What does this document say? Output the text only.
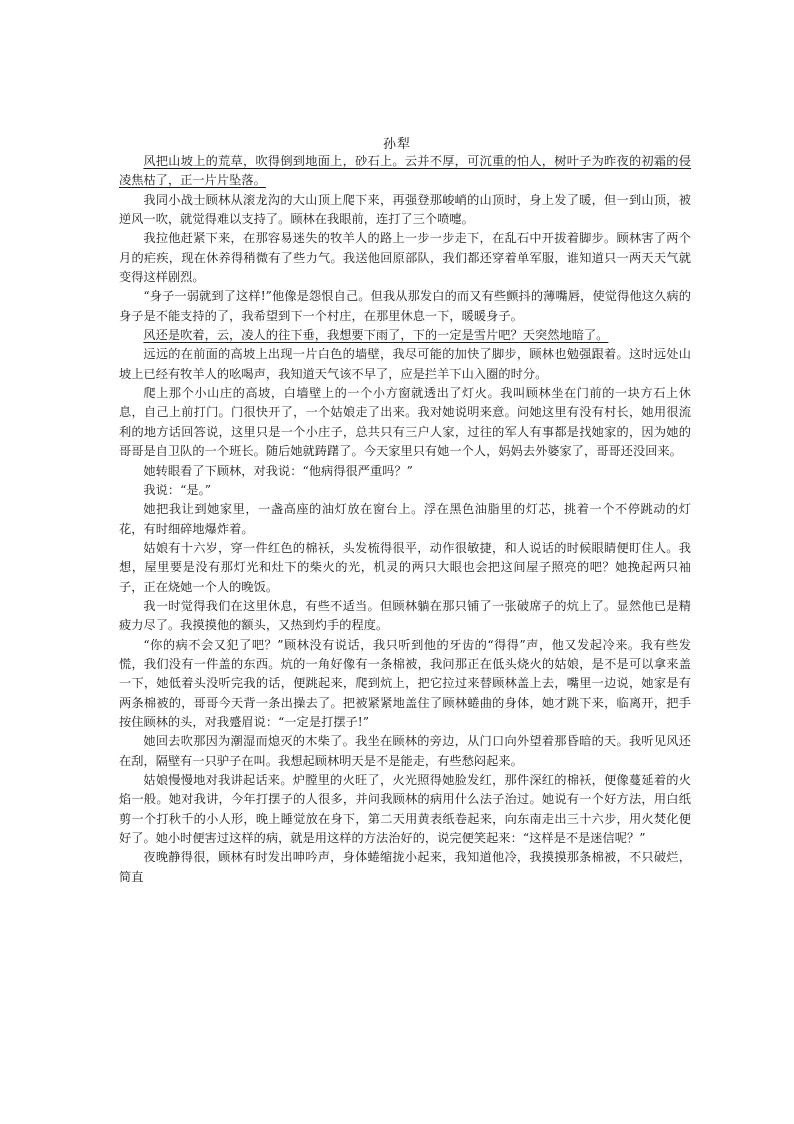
孙犁

风把山坡上的荒草，吹得倒到地面上，砂石上。云并不厚，可沉重的怕人，树叶子为昨夜的初霜的侵凌焦枯了，正一片片坠落。

我同小战士顾林从滚龙沟的大山顶上爬下来，再强登那峻峭的山顶时，身上发了暖，但一到山顶，被逆风一吹，就觉得难以支持了。顾林在我眼前，连打了三个喷嚏。

我拉他赶紧下来，在那容易迷失的牧羊人的路上一步一步走下，在乱石中开拔着脚步。顾林害了两个月的疟疾，现在休养得稍微有了些力气。我送他回原部队，我们都还穿着单军服，谁知道只一两天天气就变得这样剧烈。

“身子一弱就到了这样!”他像是怨恨自己。但我从那发白的而又有些颤抖的薄嘴唇，使觉得他这久病的身子是不能支持的了，我希望到下一个村庄，在那里休息一下，暖暖身子。

风还是吹着，云，凌人的往下垂，我想要下雨了，下的一定是雪片吧？天突然地暗了。

远远的在前面的高坡上出现一片白色的墙壁，我尽可能的加快了脚步，顾林也勉强跟着。这时远处山坡上已经有牧羊人的吆喝声，我知道天气该不早了，应是拦羊下山入圈的时分。

爬上那个小山庄的高坡，白墙壁上的一个小方窗就透出了灯火。我叫顾林坐在门前的一块方石上休息，自己上前打门。门很快开了，一个姑娘走了出来。我对她说明来意。问她这里有没有村长，她用很流利的地方话回答说，这里只是一个小庄子，总共只有三户人家，过往的军人有事都是找她家的，因为她的哥哥是自卫队的一个班长。随后她就踌躇了。今天家里只有她一个人，妈妈去外婆家了，哥哥还没回来。

她转眼看了下顾林，对我说：“他病得很严重吗？”

我说：“是。”

她把我让到她家里，一盏高座的油灯放在窗台上。浮在黑色油脂里的灯芯，挑着一个不停跳动的灯花，有时细碎地爆炸着。

姑娘有十六岁，穿一件红色的棉袄，头发梳得很平，动作很敏捷，和人说话的时候眼睛便盯住人。我想，屋里要是没有那灯光和灶下的柴火的光，机灵的两只大眼也会把这间屋子照亮的吧？她挽起两只袖子，正在烧她一个人的晚饭。

我一时觉得我们在这里休息，有些不适当。但顾林躺在那只铺了一张破席子的炕上了。显然他已是精疲力尽了。我摸摸他的额头，又热到灼手的程度。

“你的病不会又犯了吧？”顾林没有说话，我只听到他的牙齿的“得得”声，他又发起冷来。我有些发慌，我们没有一件盖的东西。炕的一角好像有一条棉被，我问那正在低头烧火的姑娘，是不是可以拿来盖一下，她低着头没听完我的话，便跳起来，爬到炕上，把它拉过来替顾林盖上去，嘴里一边说，她家是有两条棉被的，哥哥今天背一条出操去了。把被紧紧地盖住了顾林蜷曲的身体，她才跳下来，临离开，把手按住顾林的头，对我蹙眉说：“一定是打摆子!”

她回去吹那因为潮湿而熄灭的木柴了。我坐在顾林的旁边，从门口向外望着那昏暗的天。我听见风还在刮，隔壁有一只驴子在叫。我想起顾林明天是不是能走，有些愁闷起来。

姑娘慢慢地对我讲起话来。炉膛里的火旺了，火光照得她脸发红，那件深红的棉袄，便像蔓延着的火焰一般。她对我讲，今年打摆子的人很多，并问我顾林的病用什么法子治过。她说有一个好方法，用白纸剪一个打秋千的小人形，晚上睡觉放在身下，第二天用黄表纸卷起来，向东南走出三十六步，用火焚化便好了。她小时便害过这样的病，就是用这样的方法治好的，说完便笑起来：“这样是不是迷信呢？”

夜晚静得很，顾林有时发出呻吟声，身体蜷缩拢小起来，我知道他冷，我摸摸那条棉被，不只破烂，简直
